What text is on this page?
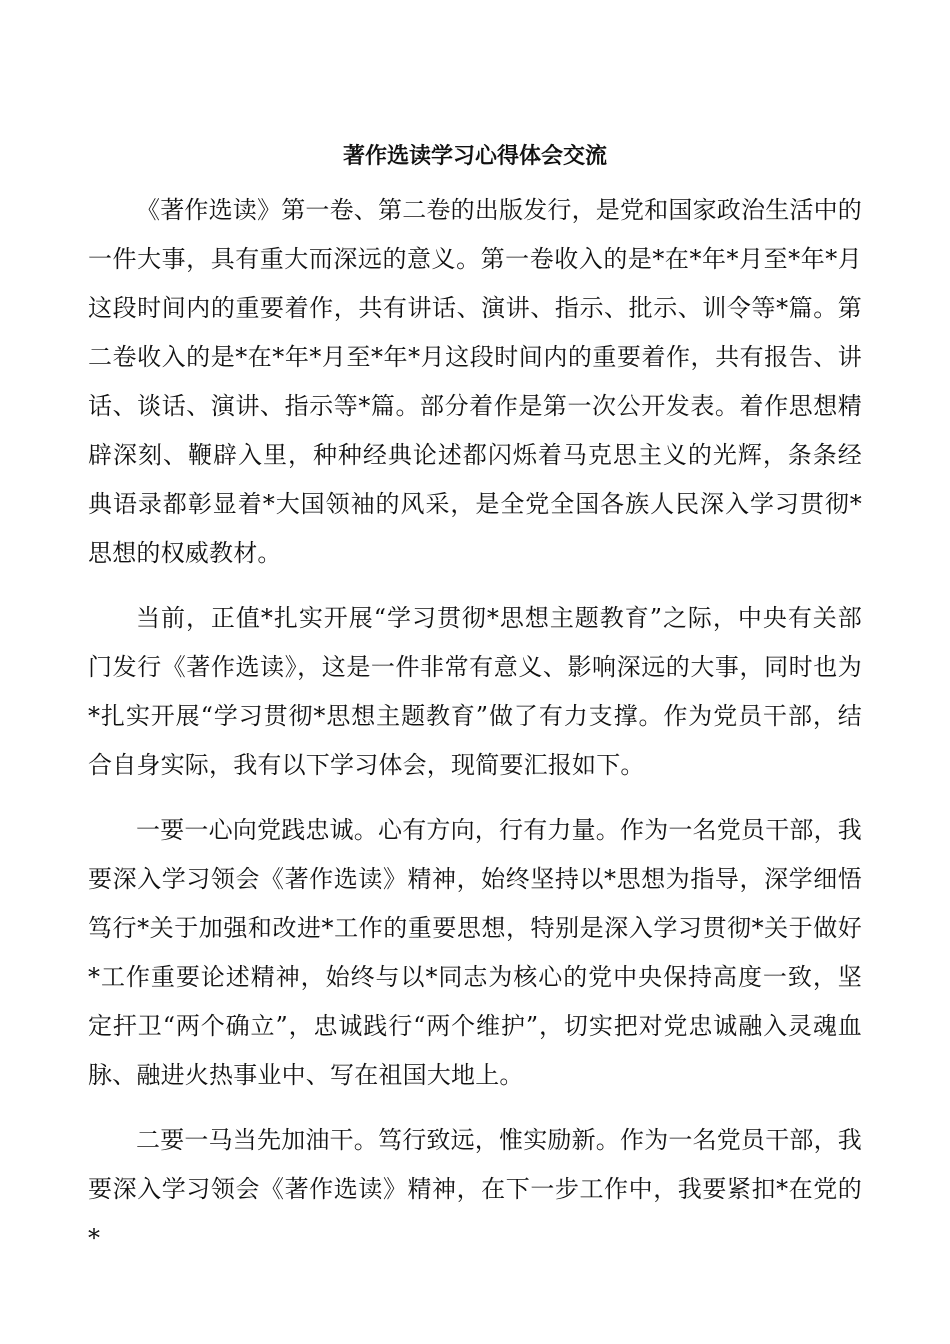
著作选读学习心得体会交流

《著作选读》第一卷、第二卷的出版发行，是党和国家政治生活中的一件大事，具有重大而深远的意义。第一卷收入的是*在*年*月至*年*月这段时间内的重要着作，共有讲话、演讲、指示、批示、训令等*篇。第二卷收入的是*在*年*月至*年*月这段时间内的重要着作，共有报告、讲话、谈话、演讲、指示等*篇。部分着作是第一次公开发表。着作思想精辟深刻、鞭辟入里，种种经典论述都闪烁着马克思主义的光辉，条条经典语录都彰显着*大国领袖的风采，是全党全国各族人民深入学习贯彻*思想的权威教材。

当前，正值*扎实开展“学习贯彻*思想主题教育”之际，中央有关部门发行《著作选读》，这是一件非常有意义、影响深远的大事，同时也为*扎实开展“学习贯彻*思想主题教育”做了有力支撑。作为党员干部，结合自身实际，我有以下学习体会，现简要汇报如下。

一要一心向党践忠诚。心有方向，行有力量。作为一名党员干部，我要深入学习领会《著作选读》精神，始终坚持以*思想为指导，深学细悟笃行*关于加强和改进*工作的重要思想，特别是深入学习贯彻*关于做好*工作重要论述精神，始终与以*同志为核心的党中央保持高度一致，坚定扞卫“两个确立”，忠诚践行“两个维护”，切实把对党忠诚融入灵魂血脉、融进火热事业中、写在祖国大地上。

二要一马当先加油干。笃行致远，惟实励新。作为一名党员干部，我要深入学习领会《著作选读》精神，在下一步工作中，我要紧扣*在党的*
